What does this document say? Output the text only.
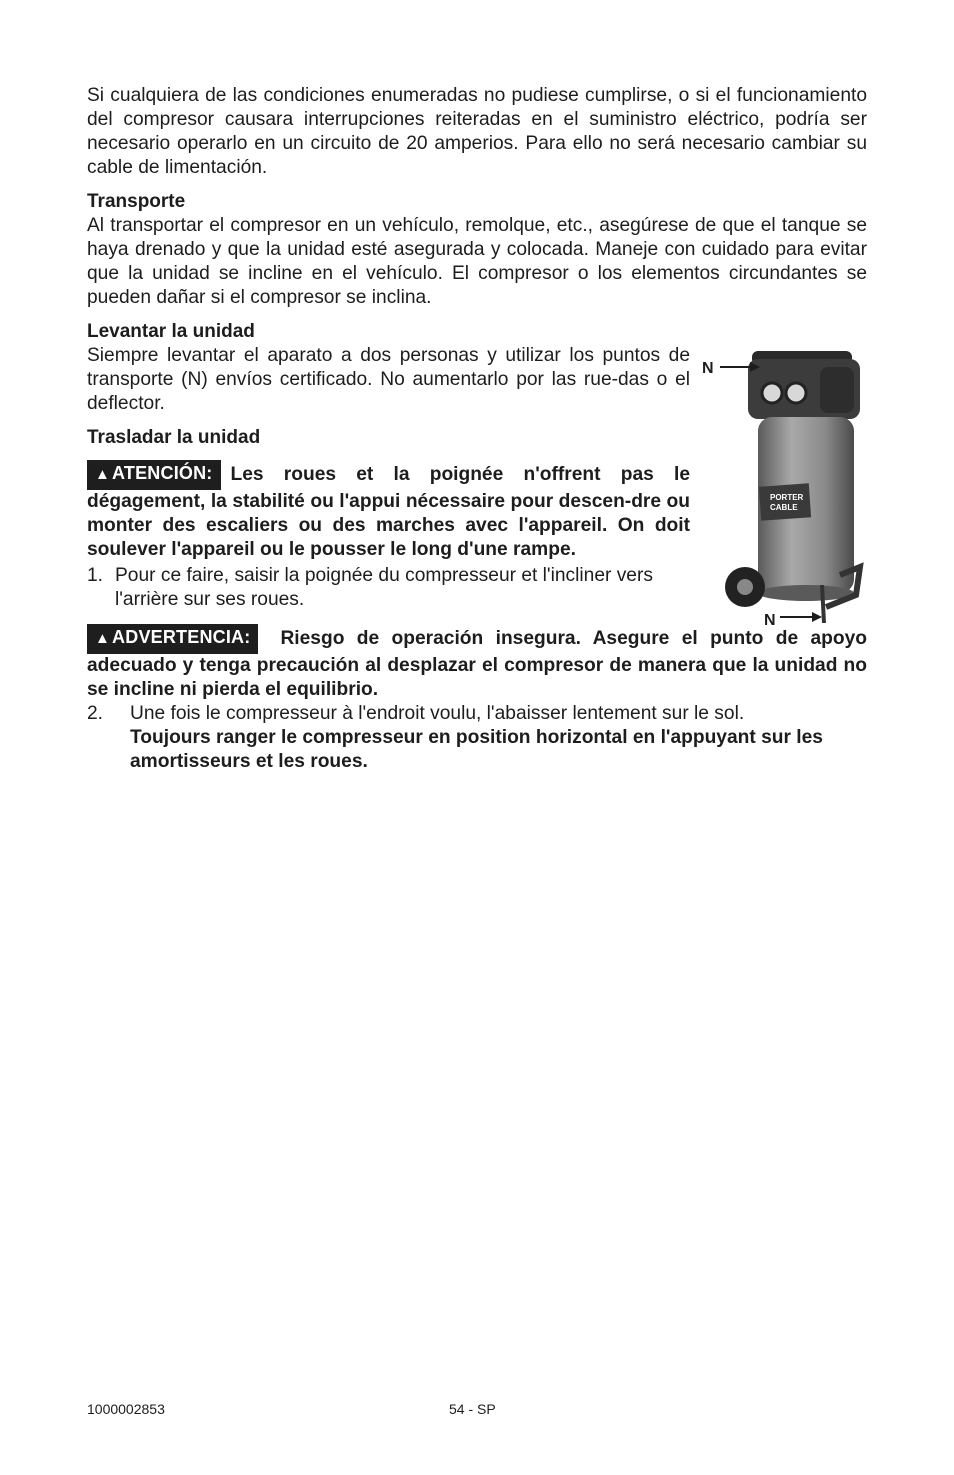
Si cualquiera de las condiciones enumeradas no pudiese cumplirse, o si el funcionamiento del compresor causara interrupciones reiteradas en el suministro eléctrico, podría ser necesario operarlo en un circuito de 20 amperios. Para ello no será necesario cambiar su cable de limentación.

Transporte

Al transportar el compresor en un vehículo, remolque, etc., asegúrese de que el tanque se haya drenado y que la unidad esté asegurada y colocada. Maneje con cuidado para evitar que la unidad se incline en el vehículo. El compresor o los elementos circundantes se pueden dañar si el compresor se inclina.

Levantar la unidad

Siempre levantar el aparato a dos personas y utilizar los puntos de transporte (N) envíos certificado. No aumentarlo por las rue-das o el deflector.

Trasladar la unidad

▲ ATENCIÓN: Les roues et la poignée n'offrent pas le dégagement, la stabilité ou l'appui nécessaire pour descen-dre ou monter des escaliers ou des marches avec l'appareil. On doit soulever l'appareil ou le pousser le long d'une rampe.

1. Pour ce faire, saisir la poignée du compresseur et l'incliner vers l'arrière sur ses roues.

▲ ADVERTENCIA: Riesgo de operación insegura. Asegure el punto de apoyo adecuado y tenga precaución al desplazar el compresor de manera que la unidad no se incline ni pierda el equilibrio.

2.	Une fois le compresseur à l'endroit voulu, l'abaisser lentement sur le sol.
Toujours ranger le compresseur en position horizontal en l'appuyant sur les amortisseurs et les roues.
PORTER
CABLE
N
N
1000002853	54 - SP
